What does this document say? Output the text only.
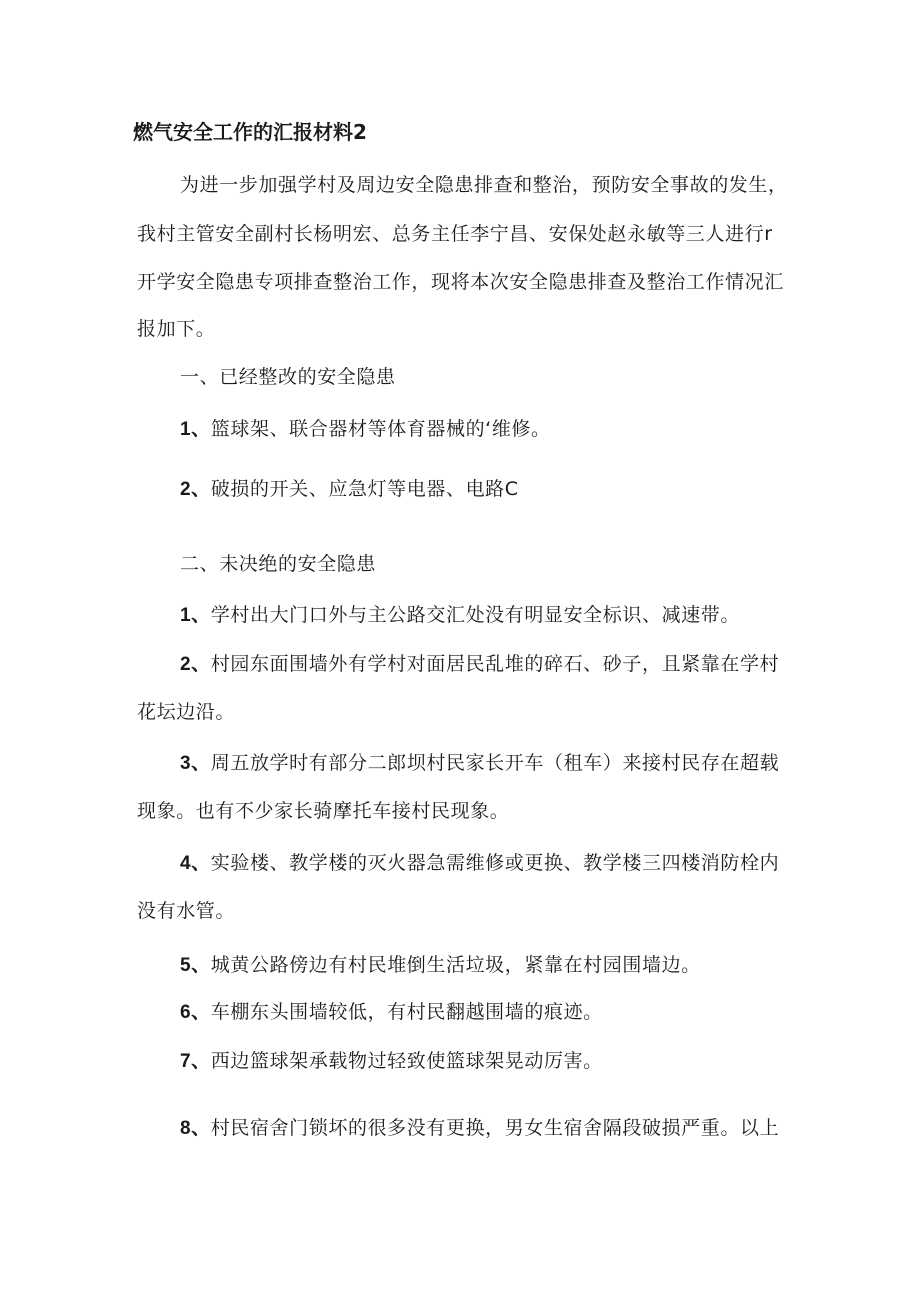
燃气安全工作的汇报材料2
为进一步加强学村及周边安全隐患排查和整治，预防安全事故的发生，
我村主管安全副村长杨明宏、总务主任李宁昌、安保处赵永敏等三人进行r
开学安全隐患专项排查整治工作，现将本次安全隐患排查及整治工作情况汇
报加下。
一、已经整改的安全隐患
1、篮球架、联合器材等体育器械的‘维修。
2、破损的开关、应急灯等电器、电路C
二、未决绝的安全隐患
1、学村出大门口外与主公路交汇处没有明显安全标识、减速带。
2、村园东面围墙外有学村对面居民乱堆的碎石、砂子，且紧靠在学村
花坛边沿。
3、周五放学时有部分二郎坝村民家长开车（租车）来接村民存在超载
现象。也有不少家长骑摩托车接村民现象。
4、实验楼、教学楼的灭火器急需维修或更换、教学楼三四楼消防栓内
没有水管。
5、城黄公路傍边有村民堆倒生活垃圾，紧靠在村园围墙边。
6、车棚东头围墙较低，有村民翻越围墙的痕迹。
7、西边篮球架承载物过轻致使篮球架晃动厉害。
8、村民宿舍门锁坏的很多没有更换，男女生宿舍隔段破损严重。以上
